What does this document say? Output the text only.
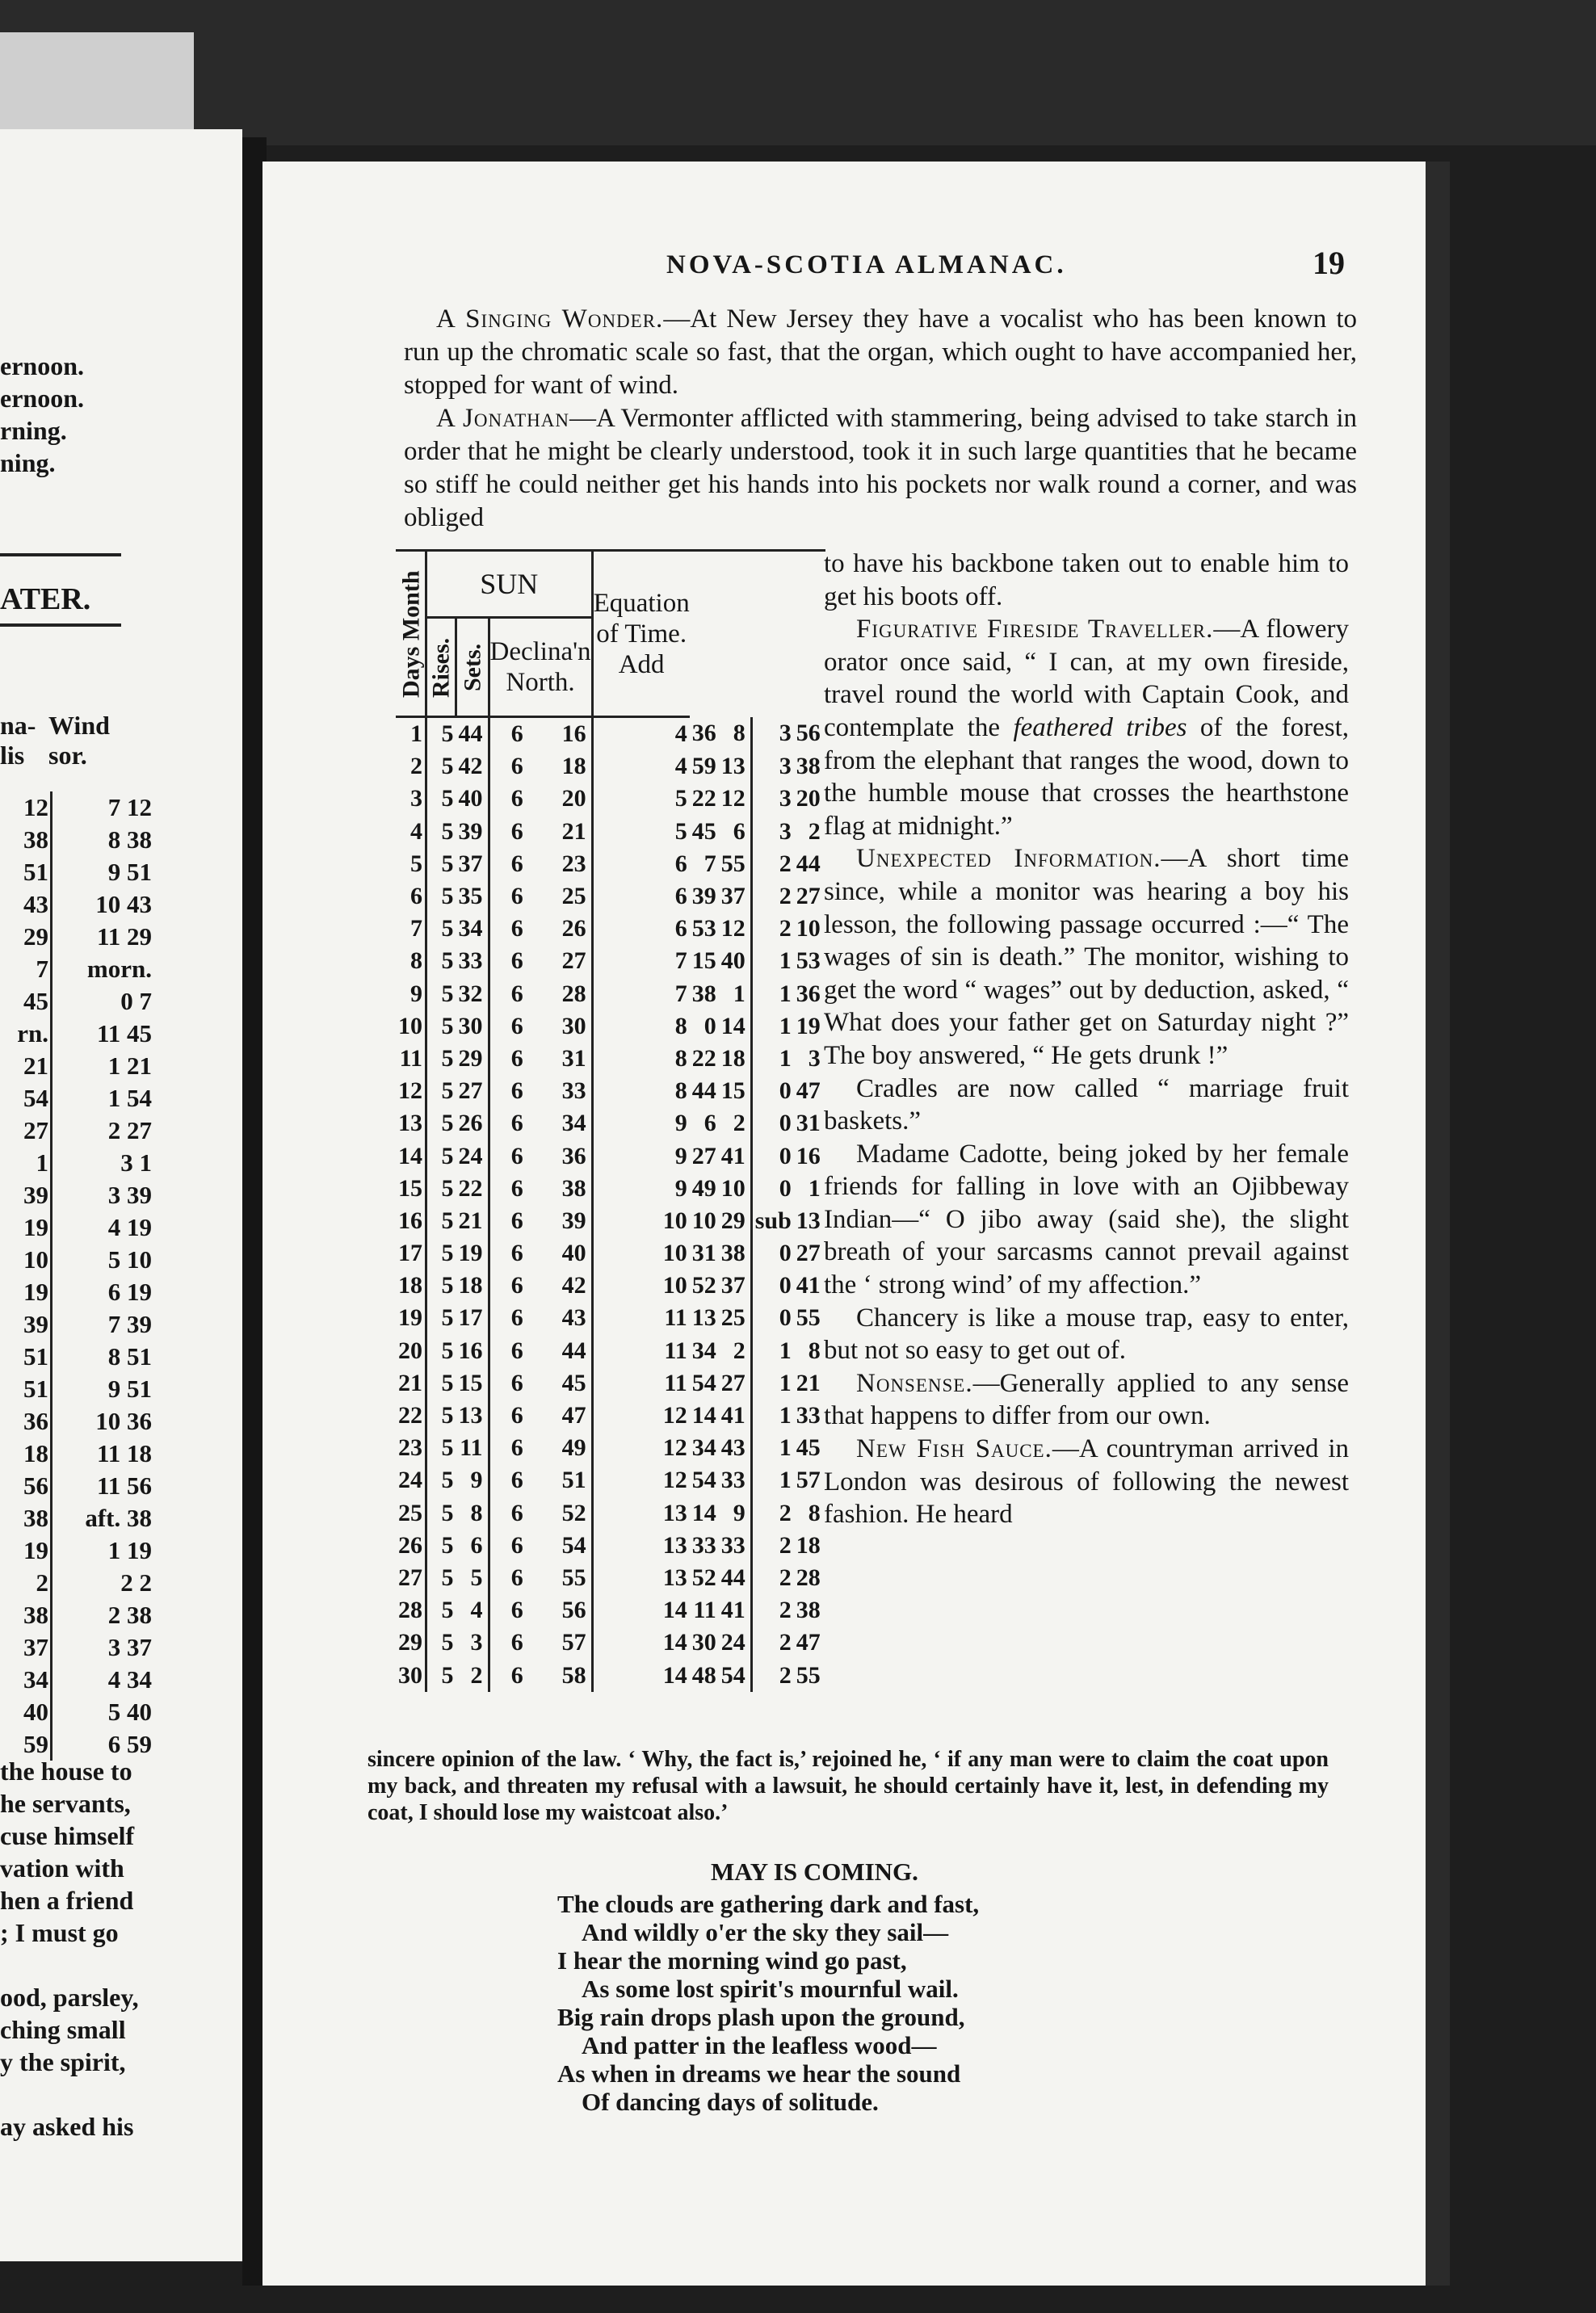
ernoon.
ernoon.
rning.
ning.
ATER.
na-
lis
Wind
sor.
12	7 12
38	8 38
51	9 51
43	10 43
29	11 29
7	morn.
45	0 7
rn.	11 45
21	1 21
54	1 54
27	2 27
1	3 1
39	3 39
19	4 19
10	5 10
19	6 19
39	7 39
51	8 51
51	9 51
36	10 36
18	11 18
56	11 56
38	aft. 38
19	1 19
2	2 2
38	2 38
37	3 37
34	4 34
40	5 40
59	6 59
the house to
he servants,
cuse himself
vation with
hen a friend
; I must go
ood, parsley,
ching small
y the spirit,
ay asked his
NOVA-SCOTIA ALMANAC.	19
A Singing Wonder.—At New Jersey they have a vocalist who has been known to run up the chromatic scale so fast, that the organ, which ought to have accompanied her, stopped for want of wind.
A Jonathan—A Vermonter afflicted with stammering, being advised to take starch in order that he might be clearly understood, took it in such large quantities that he became so stiff he could neither get his hands into his pockets nor walk round a corner, and was obliged
Days Month	SUN				Equation of Time. Add				
	Rises.	Sets.	Declina'n North.						
1	5	44	6	16	4	36	8	3	56
2	5	42	6	18	4	59	13	3	38
3	5	40	6	20	5	22	12	3	20
4	5	39	6	21	5	45	6	3	2
5	5	37	6	23	6	7	55	2	44
6	5	35	6	25	6	39	37	2	27
7	5	34	6	26	6	53	12	2	10
8	5	33	6	27	7	15	40	1	53
9	5	32	6	28	7	38	1	1	36
10	5	30	6	30	8	0	14	1	19
11	5	29	6	31	8	22	18	1	3
12	5	27	6	33	8	44	15	0	47
13	5	26	6	34	9	6	2	0	31
14	5	24	6	36	9	27	41	0	16
15	5	22	6	38	9	49	10	0	1
16	5	21	6	39	10	10	29	sub	13
17	5	19	6	40	10	31	38	0	27
18	5	18	6	42	10	52	37	0	41
19	5	17	6	43	11	13	25	0	55
20	5	16	6	44	11	34	2	1	8
21	5	15	6	45	11	54	27	1	21
22	5	13	6	47	12	14	41	1	33
23	5	11	6	49	12	34	43	1	45
24	5	9	6	51	12	54	33	1	57
25	5	8	6	52	13	14	9	2	8
26	5	6	6	54	13	33	33	2	18
27	5	5	6	55	13	52	44	2	28
28	5	4	6	56	14	11	41	2	38
29	5	3	6	57	14	30	24	2	47
30	5	2	6	58	14	48	54	2	55

to have his backbone taken out to enable him to get his boots off.

Figurative Fireside Traveller.—A flowery orator once said, “ I can, at my own fireside, travel round the world with Captain Cook, and contemplate the feathered tribes of the forest, from the elephant that ranges the wood, down to the humble mouse that crosses the hearthstone flag at midnight.”

Unexpected Information.—A short time since, while a monitor was hearing a boy his lesson, the following passage occurred :—“ The wages of sin is death.” The monitor, wishing to get the word “ wages” out by deduction, asked, “ What does your father get on Saturday night ?” The boy answered, “ He gets drunk !”

Cradles are now called “ marriage fruit baskets.”

Madame Cadotte, being joked by her female friends for falling in love with an Ojibbeway Indian—“ O jibo away (said she), the slight breath of your sarcasms cannot prevail against the ‘ strong wind’ of my affection.”

Chancery is like a mouse trap, easy to enter, but not so easy to get out of.

Nonsense.—Generally applied to any sense that happens to differ from our own.

New Fish Sauce.—A countryman arrived in London was desirous of following the newest fashion. He heard

sincere opinion of the law. ‘ Why, the fact is,’ rejoined he, ‘ if any man were to claim the coat upon my back, and threaten my refusal with a lawsuit, he should certainly have it, lest, in defending my coat, I should lose my waistcoat also.’
MAY IS COMING.
The clouds are gathering dark and fast,
And wildly o'er the sky they sail—
I hear the morning wind go past,
As some lost spirit's mournful wail.
Big rain drops plash upon the ground,
And patter in the leafless wood—
As when in dreams we hear the sound
Of dancing days of solitude.
